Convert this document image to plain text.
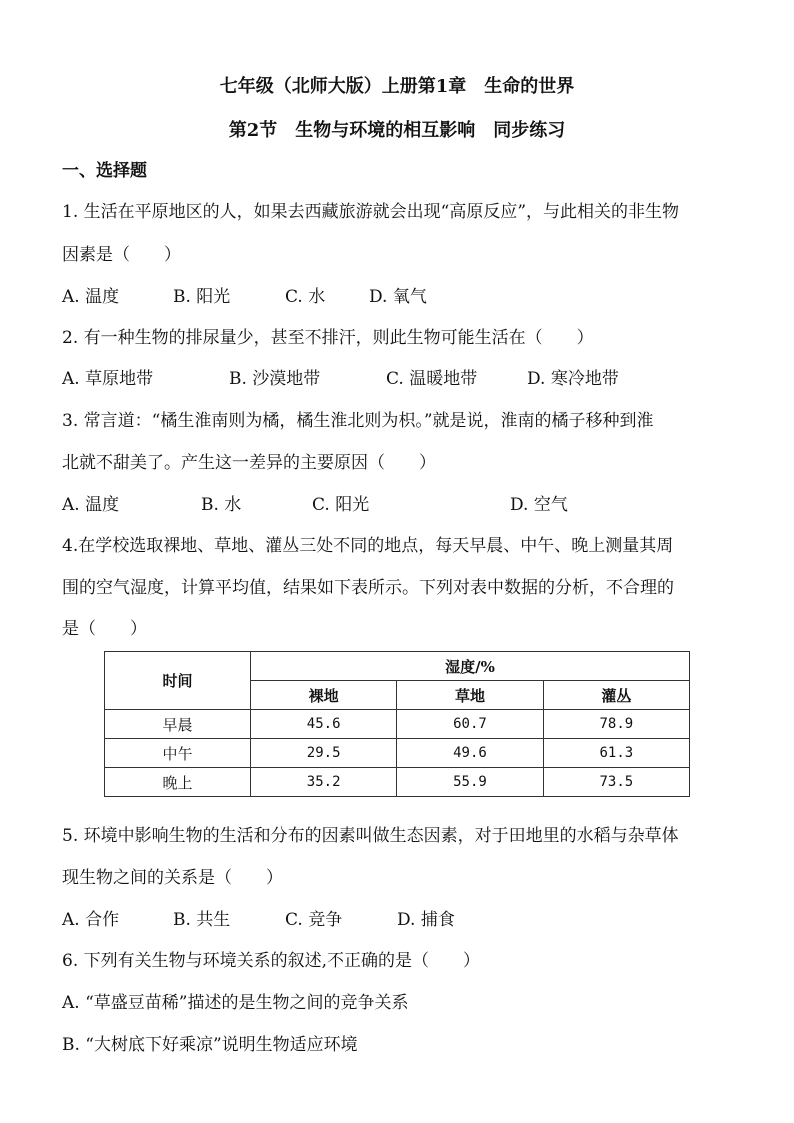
七年级（北师大版）上册第1章　生命的世界
第2节　生物与环境的相互影响　同步练习
一、选择题
1. 生活在平原地区的人，如果去西藏旅游就会出现“高原反应”，与此相关的非生物
因素是（　　）
A. 温度	B. 阳光	C. 水	D. 氧气
2. 有一种生物的排尿量少，甚至不排汗，则此生物可能生活在（　　）
A. 草原地带	B. 沙漠地带	C. 温暖地带	D. 寒冷地带
3. 常言道：“橘生淮南则为橘，橘生淮北则为枳。”就是说，淮南的橘子移种到淮
北就不甜美了。产生这一差异的主要原因（　　）
A. 温度	B. 水	C. 阳光	D. 空气
4.在学校选取裸地、草地、灌丛三处不同的地点，每天早晨、中午、晚上测量其周
围的空气湿度，计算平均值，结果如下表所示。下列对表中数据的分析，不合理的
是（　　）
时间	湿度/%		
	裸地	草地	灌丛
早晨	45.6	60.7	78.9
中午	29.5	49.6	61.3
晚上	35.2	55.9	73.5
5. 环境中影响生物的生活和分布的因素叫做生态因素，对于田地里的水稻与杂草体
现生物之间的关系是（　　）
A. 合作	B. 共生	C. 竞争	D. 捕食
6. 下列有关生物与环境关系的叙述,不正确的是（　　）
A. “草盛豆苗稀”描述的是生物之间的竞争关系
B. “大树底下好乘凉”说明生物适应环境
